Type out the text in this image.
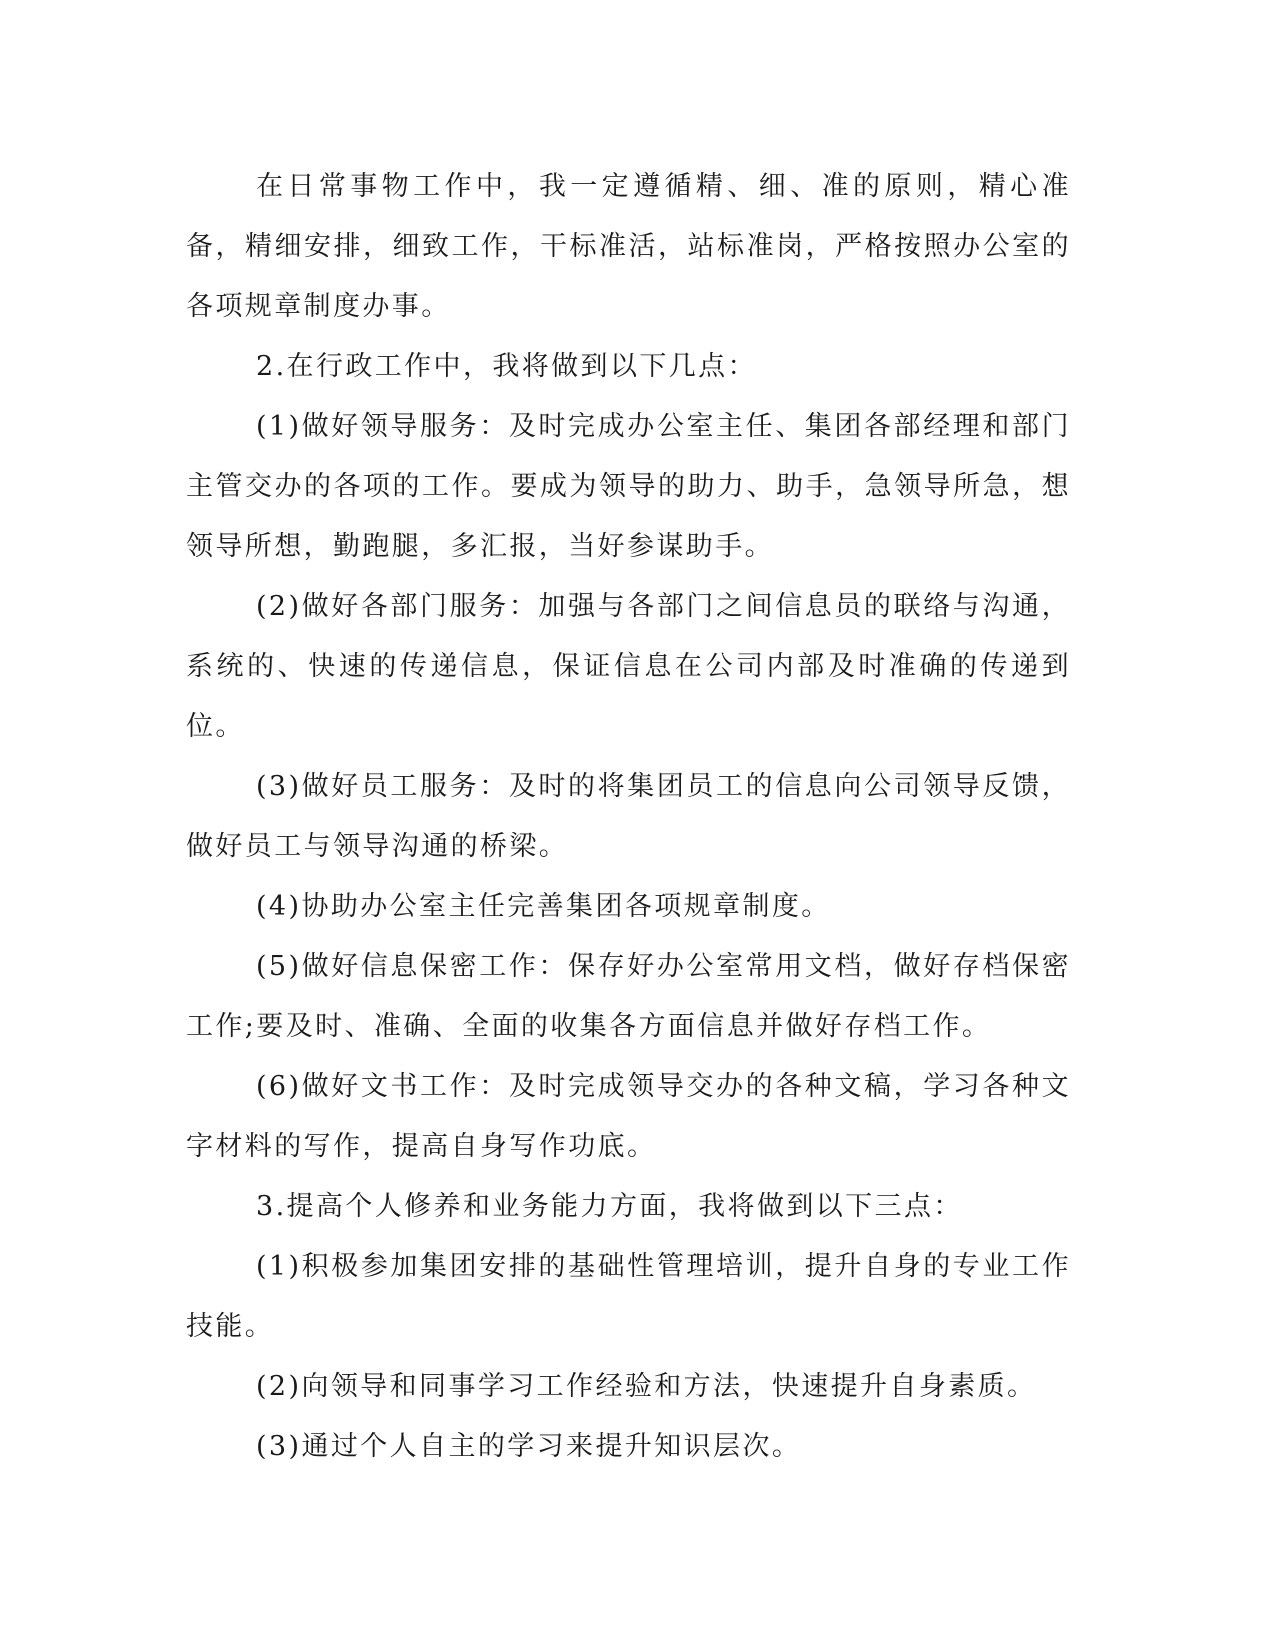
在日常事物工作中，我一定遵循精、细、准的原则，精心准备，精细安排，细致工作，干标准活，站标准岗，严格按照办公室的各项规章制度办事。

2.在行政工作中，我将做到以下几点：

(1)做好领导服务：及时完成办公室主任、集团各部经理和部门主管交办的各项的工作。要成为领导的助力、助手，急领导所急，想领导所想，勤跑腿，多汇报，当好参谋助手。

(2)做好各部门服务：加强与各部门之间信息员的联络与沟通，系统的、快速的传递信息，保证信息在公司内部及时准确的传递到位。

(3)做好员工服务：及时的将集团员工的信息向公司领导反馈，做好员工与领导沟通的桥梁。

(4)协助办公室主任完善集团各项规章制度。

(5)做好信息保密工作：保存好办公室常用文档，做好存档保密工作;要及时、准确、全面的收集各方面信息并做好存档工作。

(6)做好文书工作：及时完成领导交办的各种文稿，学习各种文字材料的写作，提高自身写作功底。

3.提高个人修养和业务能力方面，我将做到以下三点：

(1)积极参加集团安排的基础性管理培训，提升自身的专业工作技能。

(2)向领导和同事学习工作经验和方法，快速提升自身素质。

(3)通过个人自主的学习来提升知识层次。
